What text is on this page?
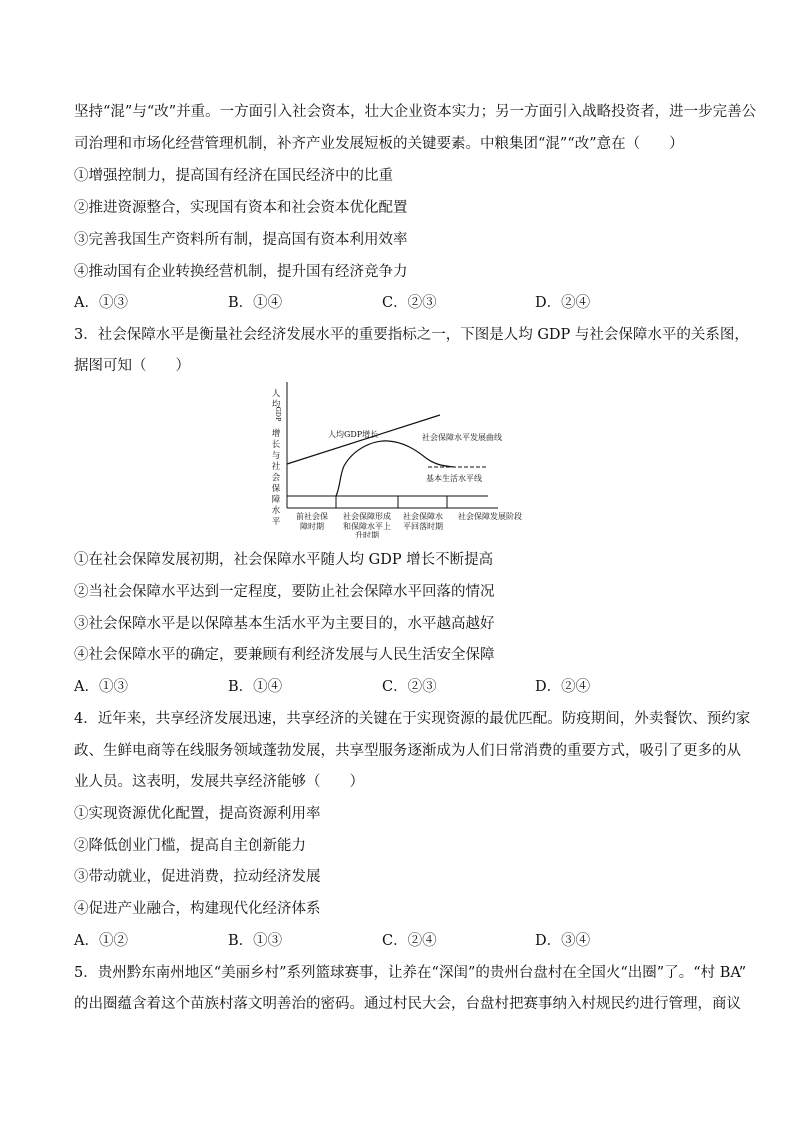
坚持“混”与“改”并重。一方面引入社会资本，壮大企业资本实力；另一方面引入战略投资者，进一步完善公
司治理和市场化经营管理机制，补齐产业发展短板的关键要素。中粮集团“混”“改”意在（　　）
①增强控制力，提高国有经济在国民经济中的比重
②推进资源整合，实现国有资本和社会资本优化配置
③完善我国生产资料所有制，提高国有资本利用效率
④推动国有企业转换经营机制，提升国有经济竞争力
A．①③	B．①④	C．②③	D．②④
3．社会保障水平是衡量社会经济发展水平的重要指标之一，下图是人均 GDP 与社会保障水平的关系图，
据图可知（　　）
人
均
GDP
增
长
与
社
会
保
障
水
平
人均GDP增长	社会保障水平发展曲线
基本生活水平线
前社会保
障时期
社会保障形成
和保障水平上
升时期
社会保障水
平回落时期
社会保障发展阶段
①在社会保障发展初期，社会保障水平随人均 GDP 增长不断提高
②当社会保障水平达到一定程度，要防止社会保障水平回落的情况
③社会保障水平是以保障基本生活水平为主要目的，水平越高越好
④社会保障水平的确定，要兼顾有利经济发展与人民生活安全保障
A．①③	B．①④	C．②③	D．②④
4．近年来，共享经济发展迅速，共享经济的关键在于实现资源的最优匹配。防疫期间，外卖餐饮、预约家
政、生鲜电商等在线服务领域蓬勃发展，共享型服务逐渐成为人们日常消费的重要方式，吸引了更多的从
业人员。这表明，发展共享经济能够（　　）
①实现资源优化配置，提高资源利用率
②降低创业门槛，提高自主创新能力
③带动就业，促进消费，拉动经济发展
④促进产业融合，构建现代化经济体系
A．①②	B．①③	C．②④	D．③④
5．贵州黔东南州地区“美丽乡村”系列篮球赛事，让养在“深闺”的贵州台盘村在全国火“出圈”了。“村 BA”
的出圈蕴含着这个苗族村落文明善治的密码。通过村民大会，台盘村把赛事纳入村规民约进行管理，商议
